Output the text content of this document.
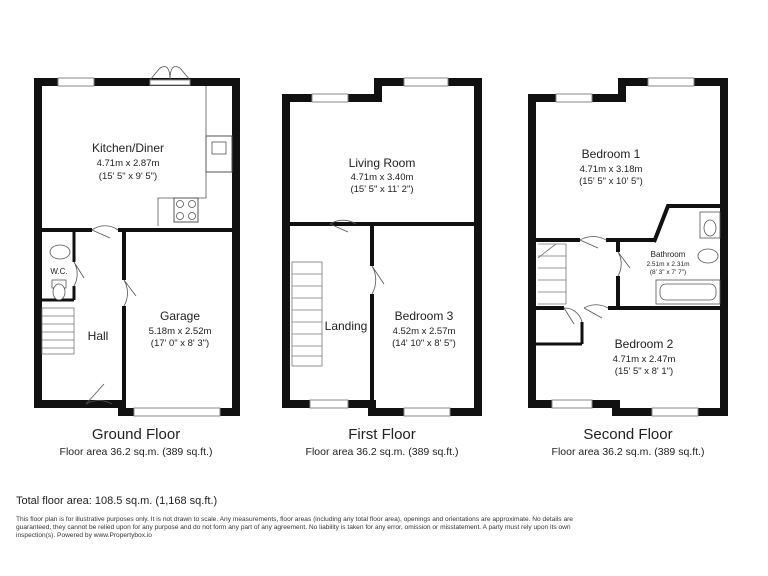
Kitchen/Diner
4.71m x 2.87m
(15' 5" x 9' 5")
Garage
5.18m x 2.52m
(17' 0" x 8' 3")
W.C.
Hall
Living Room
4.71m x 3.40m
(15' 5" x 11' 2")
Bedroom 3
4.52m x 2.57m
(14' 10" x 8' 5")
Landing
Bedroom 1
4.71m x 3.18m
(15' 5" x 10' 5")
Bathroom
2.51m x 2.31m
(8' 3" x 7' 7")
Bedroom 2
4.71m x 2.47m
(15' 5" x 8' 1")
Ground Floor
Floor area 36.2 sq.m. (389 sq.ft.)
First Floor
Floor area 36.2 sq.m. (389 sq.ft.)
Second Floor
Floor area 36.2 sq.m. (389 sq.ft.)
Total floor area: 108.5 sq.m. (1,168 sq.ft.)
This floor plan is for illustrative purposes only. It is not drawn to scale. Any measurements, floor areas (including any total floor area), openings and orientations are approximate. No details are guaranteed, they cannot be relied upon for any purpose and do not form any part of any agreement. No liability is taken for any error, omission or misstatement. A party must rely upon its own inspection(s). Powered by www.Propertybox.io
